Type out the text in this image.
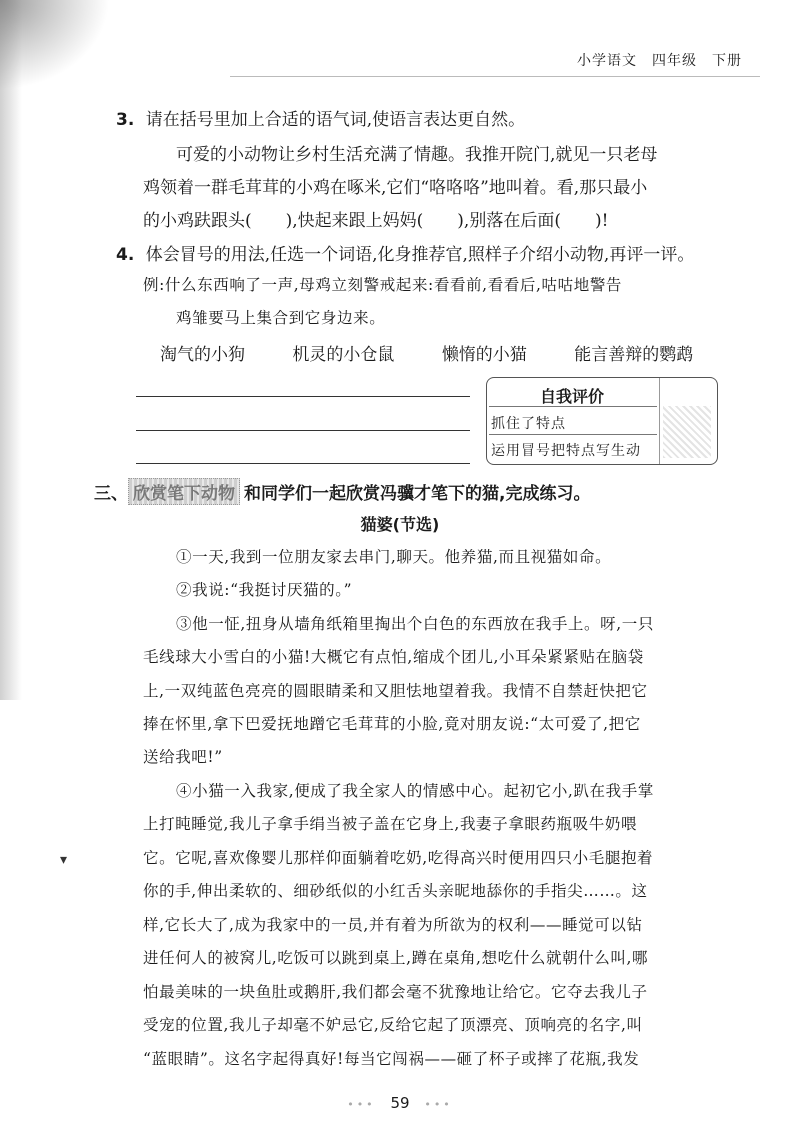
小学语文　四年级　下册
3. 请在括号里加上合适的语气词,使语言表达更自然。
可爱的小动物让乡村生活充满了情趣。我推开院门,就见一只老母
鸡领着一群毛茸茸的小鸡在啄米,它们“咯咯咯”地叫着。看,那只最小
的小鸡趺跟头(　　),快起来跟上妈妈(　　),别落在后面(　　)!
4. 体会冒号的用法,任选一个词语,化身推荐官,照样子介绍小动物,再评一评。
例:什么东西响了一声,母鸡立刻警戒起来:看看前,看看后,咕咕地警告
鸡雏要马上集合到它身边来。
淘气的小狗	机灵的小仓鼠	懒惰的小猫	能言善辩的鹦鹉
自我评价
抓住了特点
运用冒号把特点写生动
三、 欣赏笔下动物 和同学们一起欣赏冯骥才笔下的猫,完成练习。
猫婆(节选)
①一天,我到一位朋友家去串门,聊天。他养猫,而且视猫如命。
②我说:“我挺讨厌猫的。”
③他一怔,扭身从墙角纸箱里掏出个白色的东西放在我手上。呀,一只
毛线球大小雪白的小猫!大概它有点怕,缩成个团儿,小耳朵紧紧贴在脑袋
上,一双纯蓝色亮亮的圆眼睛柔和又胆怯地望着我。我情不自禁赶快把它
捧在怀里,拿下巴爱抚地蹭它毛茸茸的小脸,竟对朋友说:“太可爱了,把它
送给我吧!”
④小猫一入我家,便成了我全家人的情感中心。起初它小,趴在我手掌
上打盹睡觉,我儿子拿手绢当被子盖在它身上,我妻子拿眼药瓶吸牛奶喂
它。它呢,喜欢像婴儿那样仰面躺着吃奶,吃得高兴时便用四只小毛腿抱着
你的手,伸出柔软的、细砂纸似的小红舌头亲昵地舔你的手指尖……。这
样,它长大了,成为我家中的一员,并有着为所欲为的权利——睡觉可以钻
进任何人的被窝儿,吃饭可以跳到桌上,蹲在桌角,想吃什么就朝什么叫,哪
怕最美味的一块鱼肚或鹅肝,我们都会毫不犹豫地让给它。它夺去我儿子
受宠的位置,我儿子却毫不妒忌它,反给它起了顶漂亮、顶响亮的名字,叫
“蓝眼睛”。这名字起得真好!每当它闯祸——砸了杯子或摔了花瓶,我发
▾
••• 59 •••
